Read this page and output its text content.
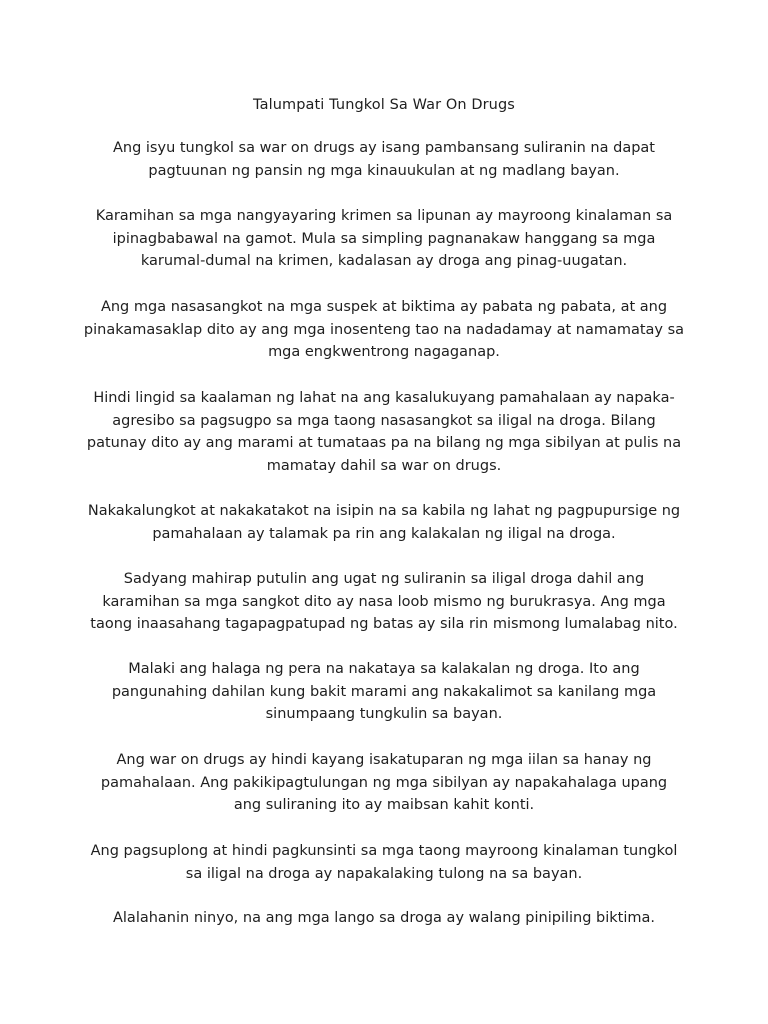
Talumpati Tungkol Sa War On Drugs
Ang isyu tungkol sa war on drugs ay isang pambansang suliranin na dapat
pagtuunan ng pansin ng mga kinauukulan at ng madlang bayan.
Karamihan sa mga nangyayaring krimen sa lipunan ay mayroong kinalaman sa
ipinagbabawal na gamot. Mula sa simpling pagnanakaw hanggang sa mga
karumal-dumal na krimen, kadalasan ay droga ang pinag-uugatan.
Ang mga nasasangkot na mga suspek at biktima ay pabata ng pabata, at ang
pinakamasaklap dito ay ang mga inosenteng tao na nadadamay at namamatay sa
mga engkwentrong nagaganap.
Hindi lingid sa kaalaman ng lahat na ang kasalukuyang pamahalaan ay napaka-
agresibo sa pagsugpo sa mga taong nasasangkot sa iligal na droga. Bilang
patunay dito ay ang marami at tumataas pa na bilang ng mga sibilyan at pulis na
mamatay dahil sa war on drugs.
Nakakalungkot at nakakatakot na isipin na sa kabila ng lahat ng pagpupursige ng
pamahalaan ay talamak pa rin ang kalakalan ng iligal na droga.
Sadyang mahirap putulin ang ugat ng suliranin sa iligal droga dahil ang
karamihan sa mga sangkot dito ay nasa loob mismo ng burukrasya. Ang mga
taong inaasahang tagapagpatupad ng batas ay sila rin mismong lumalabag nito.
Malaki ang halaga ng pera na nakataya sa kalakalan ng droga. Ito ang
pangunahing dahilan kung bakit marami ang nakakalimot sa kanilang mga
sinumpaang tungkulin sa bayan.
Ang war on drugs ay hindi kayang isakatuparan ng mga iilan sa hanay ng
pamahalaan. Ang pakikipagtulungan ng mga sibilyan ay napakahalaga upang
ang suliraning ito ay maibsan kahit konti.
Ang pagsuplong at hindi pagkunsinti sa mga taong mayroong kinalaman tungkol
sa iligal na droga ay napakalaking tulong na sa bayan.
Alalahanin ninyo, na ang mga lango sa droga ay walang pinipiling biktima.
